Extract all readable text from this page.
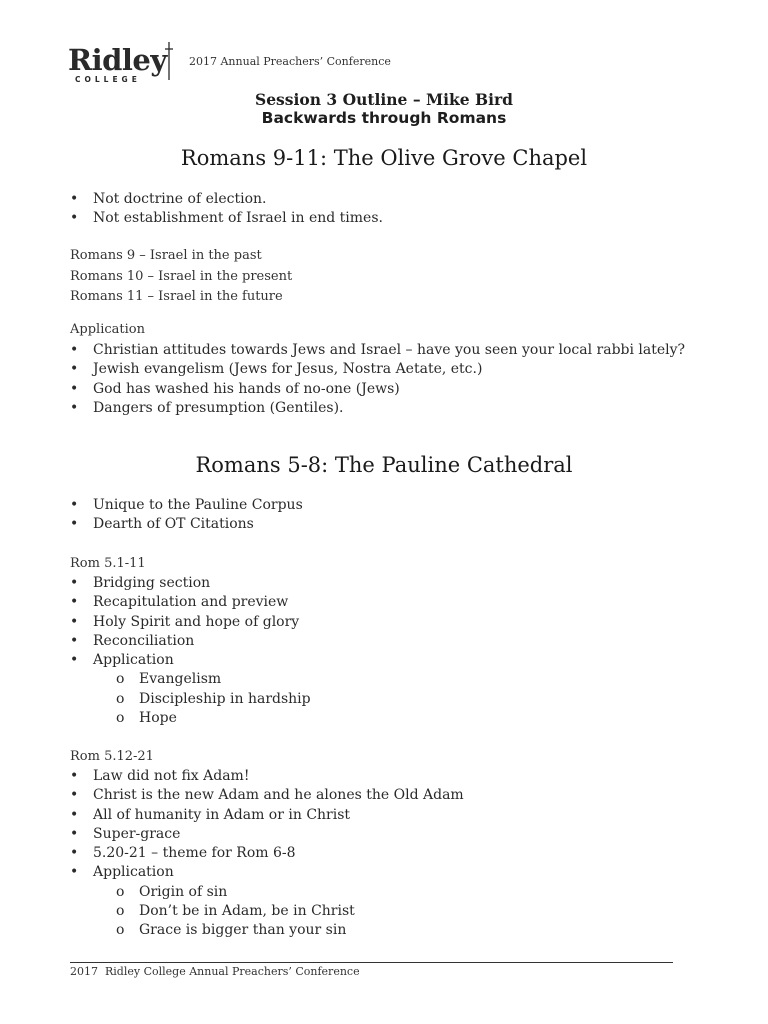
Ridley
COLLEGE
2017 Annual Preachers’ Conference
Session 3 Outline – Mike Bird
Backwards through Romans
Romans 9-11: The Olive Grove Chapel
• Not doctrine of election.
• Not establishment of Israel in end times.
Romans 9 – Israel in the past
Romans 10 – Israel in the present
Romans 11 – Israel in the future
Application
• Christian attitudes towards Jews and Israel – have you seen your local rabbi lately?
• Jewish evangelism (Jews for Jesus, Nostra Aetate, etc.)
• God has washed his hands of no-one (Jews)
• Dangers of presumption (Gentiles).
Romans 5-8: The Pauline Cathedral
• Unique to the Pauline Corpus
• Dearth of OT Citations
Rom 5.1-11
• Bridging section
• Recapitulation and preview
• Holy Spirit and hope of glory
• Reconciliation
• Application
o Evangelism
o Discipleship in hardship
o Hope
Rom 5.12-21
• Law did not fix Adam!
• Christ is the new Adam and he alones the Old Adam
• All of humanity in Adam or in Christ
• Super-grace
• 5.20-21 – theme for Rom 6-8
• Application
o Origin of sin
o Don’t be in Adam, be in Christ
o Grace is bigger than your sin
2017  Ridley College Annual Preachers’ Conference
